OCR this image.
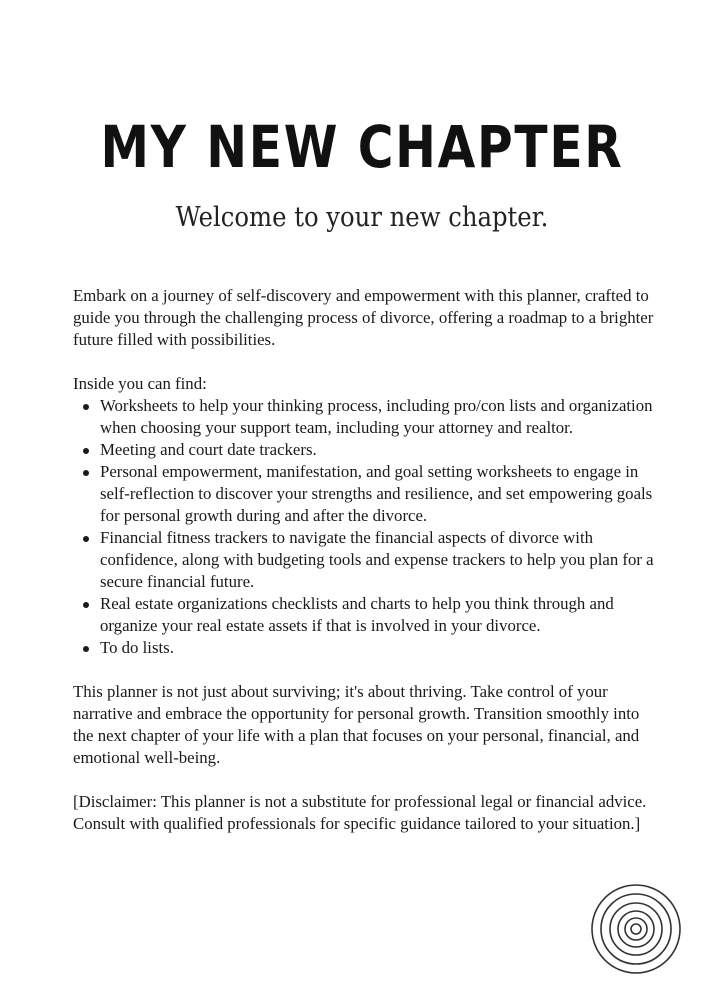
MY NEW CHAPTER
Welcome to your new chapter.

Embark on a journey of self-discovery and empowerment with this planner, crafted to guide you through the challenging process of divorce, offering a roadmap to a brighter future filled with possibilities.

Inside you can find:

Worksheets to help your thinking process, including pro/con lists and organization when choosing your support team, including your attorney and realtor.
Meeting and court date trackers.
Personal empowerment, manifestation, and goal setting worksheets to engage in self-reflection to discover your strengths and resilience, and set empowering goals for personal growth during and after the divorce.
Financial fitness trackers to navigate the financial aspects of divorce with confidence, along with budgeting tools and expense trackers to help you plan for a secure financial future.
Real estate organizations checklists and charts to help you think through and organize your real estate assets if that is involved in your divorce.
To do lists.

This planner is not just about surviving; it's about thriving. Take control of your narrative and embrace the opportunity for personal growth. Transition smoothly into the next chapter of your life with a plan that focuses on your personal, financial, and emotional well-being.

[Disclaimer: This planner is not a substitute for professional legal or financial advice. Consult with qualified professionals for specific guidance tailored to your situation.]
